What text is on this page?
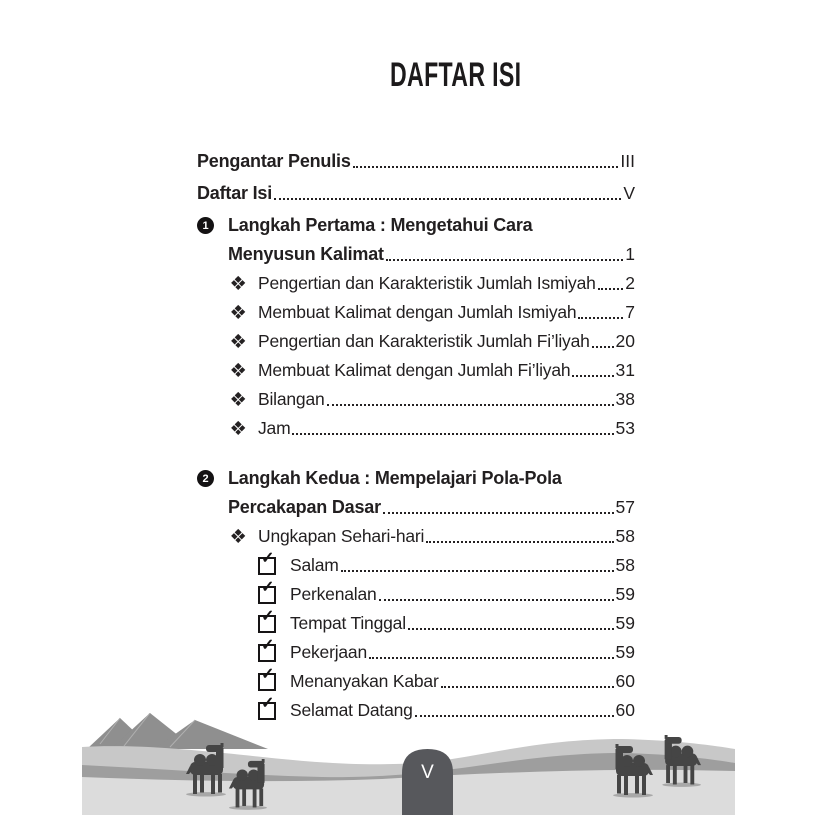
DAFTAR ISI
Pengantar Penulis	III
Daftar Isi	V
1	Langkah Pertama : Mengetahui Cara
Menyusun Kalimat	1
Pengertian dan Karakteristik Jumlah Ismiyah 2
Membuat Kalimat dengan Jumlah Ismiyah	7
Pengertian dan Karakteristik Jumlah Fi’liyah 20
Membuat Kalimat dengan Jumlah Fi’liyah	31
Bilangan	38
Jam	53
2	Langkah Kedua : Mempelajari Pola-Pola
Percakapan Dasar	57
Ungkapan Sehari-hari	58
✓ Salam	58
✓ Perkenalan	59
✓ Tempat Tinggal	59
✓ Pekerjaan	59
✓ Menanyakan Kabar	60
✓ Selamat Datang	60
V
